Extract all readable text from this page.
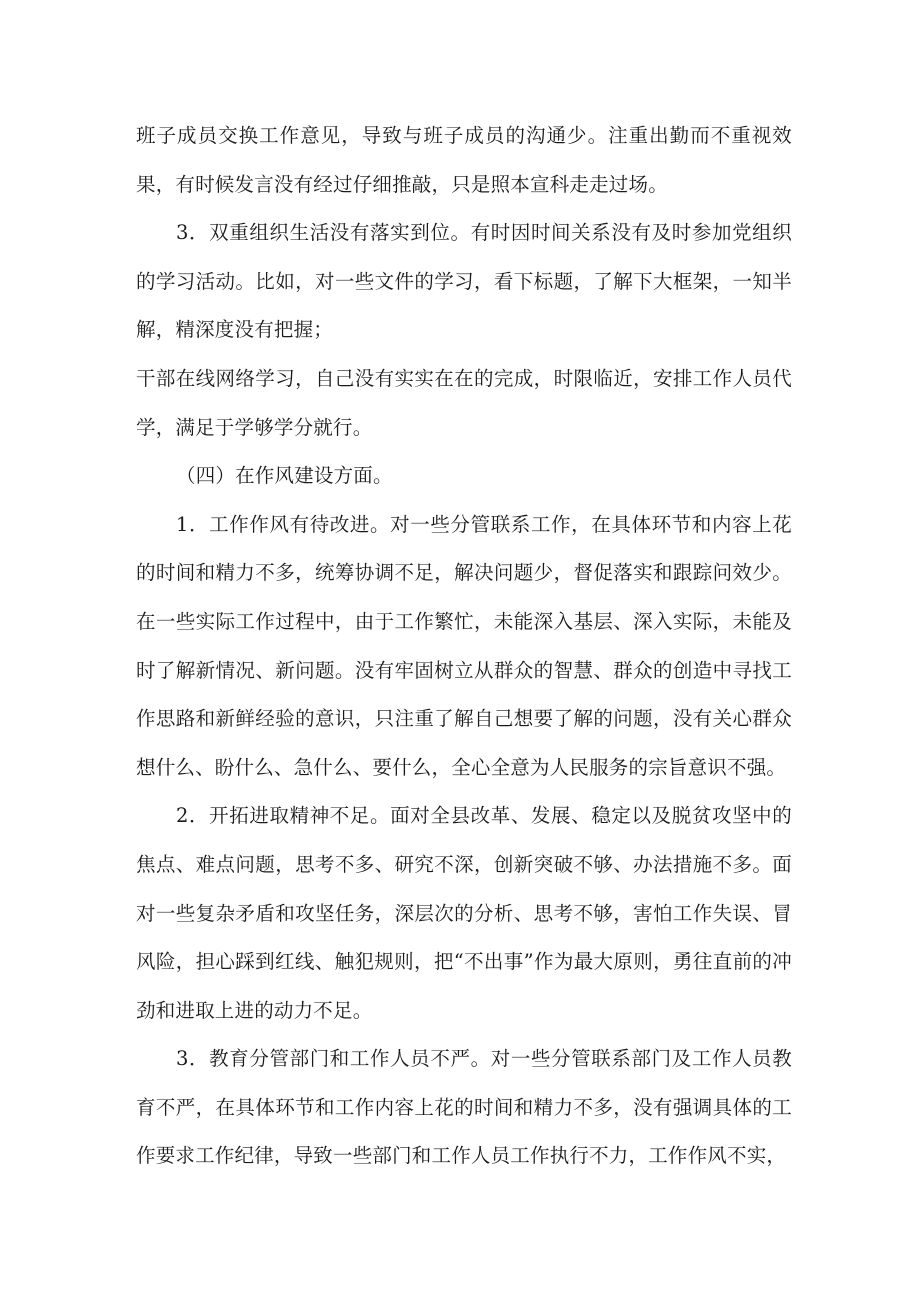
班子成员交换工作意见，导致与班子成员的沟通少。注重出勤而不重视效果，有时候发言没有经过仔细推敲，只是照本宣科走走过场。

3．双重组织生活没有落实到位。有时因时间关系没有及时参加党组织的学习活动。比如，对一些文件的学习，看下标题，了解下大框架，一知半解，精深度没有把握；

干部在线网络学习，自己没有实实在在的完成，时限临近，安排工作人员代学，满足于学够学分就行。

（四）在作风建设方面。

1．工作作风有待改进。对一些分管联系工作，在具体环节和内容上花的时间和精力不多，统筹协调不足，解决问题少，督促落实和跟踪问效少。在一些实际工作过程中，由于工作繁忙，未能深入基层、深入实际，未能及时了解新情况、新问题。没有牢固树立从群众的智慧、群众的创造中寻找工作思路和新鲜经验的意识，只注重了解自己想要了解的问题，没有关心群众想什么、盼什么、急什么、要什么，全心全意为人民服务的宗旨意识不强。

2．开拓进取精神不足。面对全县改革、发展、稳定以及脱贫攻坚中的焦点、难点问题，思考不多、研究不深，创新突破不够、办法措施不多。面对一些复杂矛盾和攻坚任务，深层次的分析、思考不够，害怕工作失误、冒风险，担心踩到红线、触犯规则，把“不出事”作为最大原则，勇往直前的冲劲和进取上进的动力不足。

3．教育分管部门和工作人员不严。对一些分管联系部门及工作人员教育不严，在具体环节和工作内容上花的时间和精力不多，没有强调具体的工作要求工作纪律，导致一些部门和工作人员工作执行不力，工作作风不实，
